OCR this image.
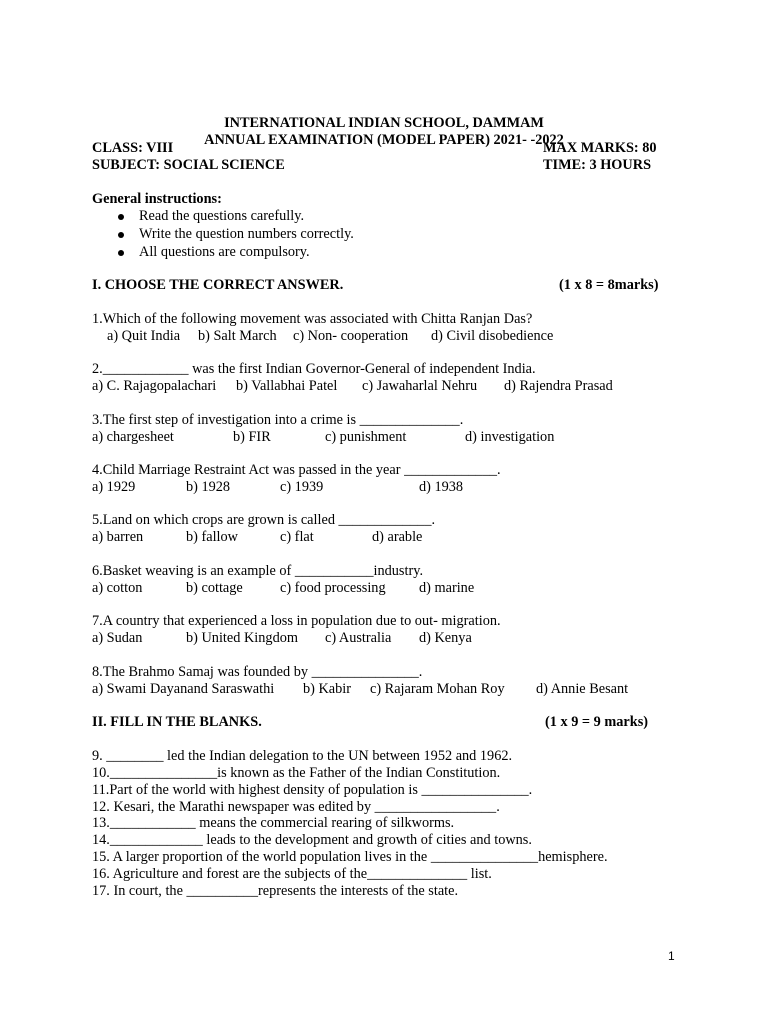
INTERNATIONAL INDIAN SCHOOL, DAMMAM
ANNUAL EXAMINATION (MODEL PAPER) 2021- -2022
CLASS: VIII	MAX MARKS: 80
SUBJECT: SOCIAL SCIENCE	TIME: 3 HOURS
General instructions:
Read the questions carefully.
Write the question numbers correctly.
All questions are compulsory.
I. CHOOSE THE CORRECT ANSWER.	(1 x 8 = 8marks)
1.Which of the following movement was associated with Chitta Ranjan Das?
a) Quit India b) Salt March c) Non- cooperation d) Civil disobedience
2.____________ was the first Indian Governor-General of independent India.
a) C. Rajagopalachari b) Vallabhai Patel c) Jawaharlal Nehru d) Rajendra Prasad
3.The first step of investigation into a crime is ______________.
a) chargesheet	b) FIR	c) punishment	d) investigation
4.Child Marriage Restraint Act was passed in the year _____________.
a) 1929	b) 1928	c) 1939	d) 1938
5.Land on which crops are grown is called _____________.
a) barren	b) fallow	c) flat	d) arable
6.Basket weaving is an example of ___________industry.
a) cotton	b) cottage	c) food processing d) marine
7.A country that experienced a loss in population due to out- migration.
a) Sudan	b) United Kingdom c) Australia d) Kenya
8.The Brahmo Samaj was founded by _______________.
a) Swami Dayanand Saraswathi b) Kabir c) Rajaram Mohan Roy d) Annie Besant
II. FILL IN THE BLANKS.	(1 x 9 = 9 marks)
9. ________ led the Indian delegation to the UN between 1952 and 1962.
10._______________is known as the Father of the Indian Constitution.
11.Part of the world with highest density of population is _______________.
12. Kesari, the Marathi newspaper was edited by _________________.
13.____________ means the commercial rearing of silkworms.
14._____________ leads to the development and growth of cities and towns.
15. A larger proportion of the world population lives in the _______________hemisphere.
16. Agriculture and forest are the subjects of the______________ list.
17. In court, the __________represents the interests of the state.
1
